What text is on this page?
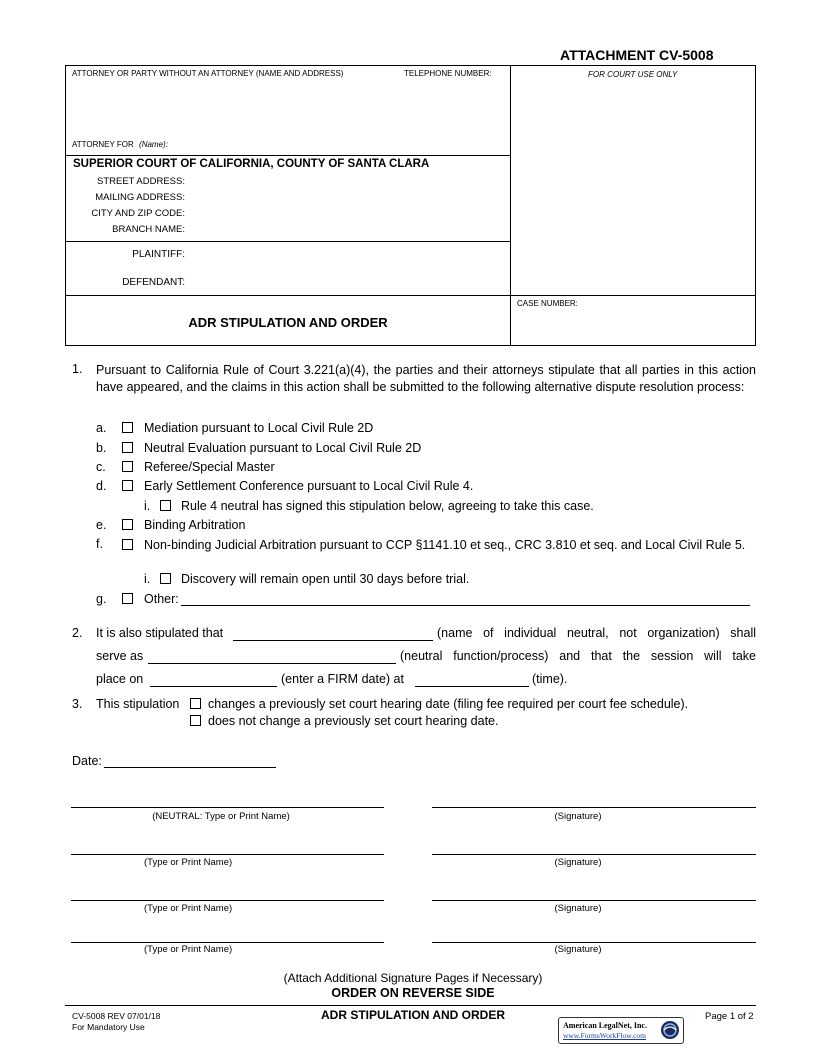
ATTACHMENT CV-5008
ATTORNEY OR PARTY WITHOUT AN ATTORNEY (NAME AND ADDRESS)	TELEPHONE NUMBER:	FOR COURT USE ONLY
ATTORNEY FOR (Name):
SUPERIOR COURT OF CALIFORNIA, COUNTY OF SANTA CLARA
STREET ADDRESS:
MAILING ADDRESS:
CITY AND ZIP CODE:
BRANCH NAME:
PLAINTIFF:
DEFENDANT:
CASE NUMBER:
ADR STIPULATION AND ORDER
1. Pursuant to California Rule of Court 3.221(a)(4), the parties and their attorneys stipulate that all parties in this action have appeared, and the claims in this action shall be submitted to the following alternative dispute resolution process:
a.	Mediation pursuant to Local Civil Rule 2D
b.	Neutral Evaluation pursuant to Local Civil Rule 2D
c.	Referee/Special Master
d.	Early Settlement Conference pursuant to Local Civil Rule 4.
i. Rule 4 neutral has signed this stipulation below, agreeing to take this case.
e.	Binding Arbitration
f.	Non-binding Judicial Arbitration pursuant to CCP §1141.10 et seq., CRC 3.810 et seq. and Local Civil Rule 5.
i. Discovery will remain open until 30 days before trial.
g.	Other:
2. It is also stipulated that	(name of individual neutral, not organization) shall
serve as	(neutral function/process) and that the session will take
place on	(enter a FIRM date) at	(time).
3. This stipulation changes a previously set court hearing date (filing fee required per court fee schedule).
does not change a previously set court hearing date.
Date:
(NEUTRAL: Type or Print Name)	(Signature)
(Type or Print Name)	(Signature)
(Type or Print Name)	(Signature)
(Type or Print Name)	(Signature)
(Attach Additional Signature Pages if Necessary)
ORDER ON REVERSE SIDE
CV-5008 REV 07/01/18
For Mandatory Use
ADR STIPULATION AND ORDER	Page 1 of 2
American LegalNet, Inc.
www.FormsWorkFlow.com
